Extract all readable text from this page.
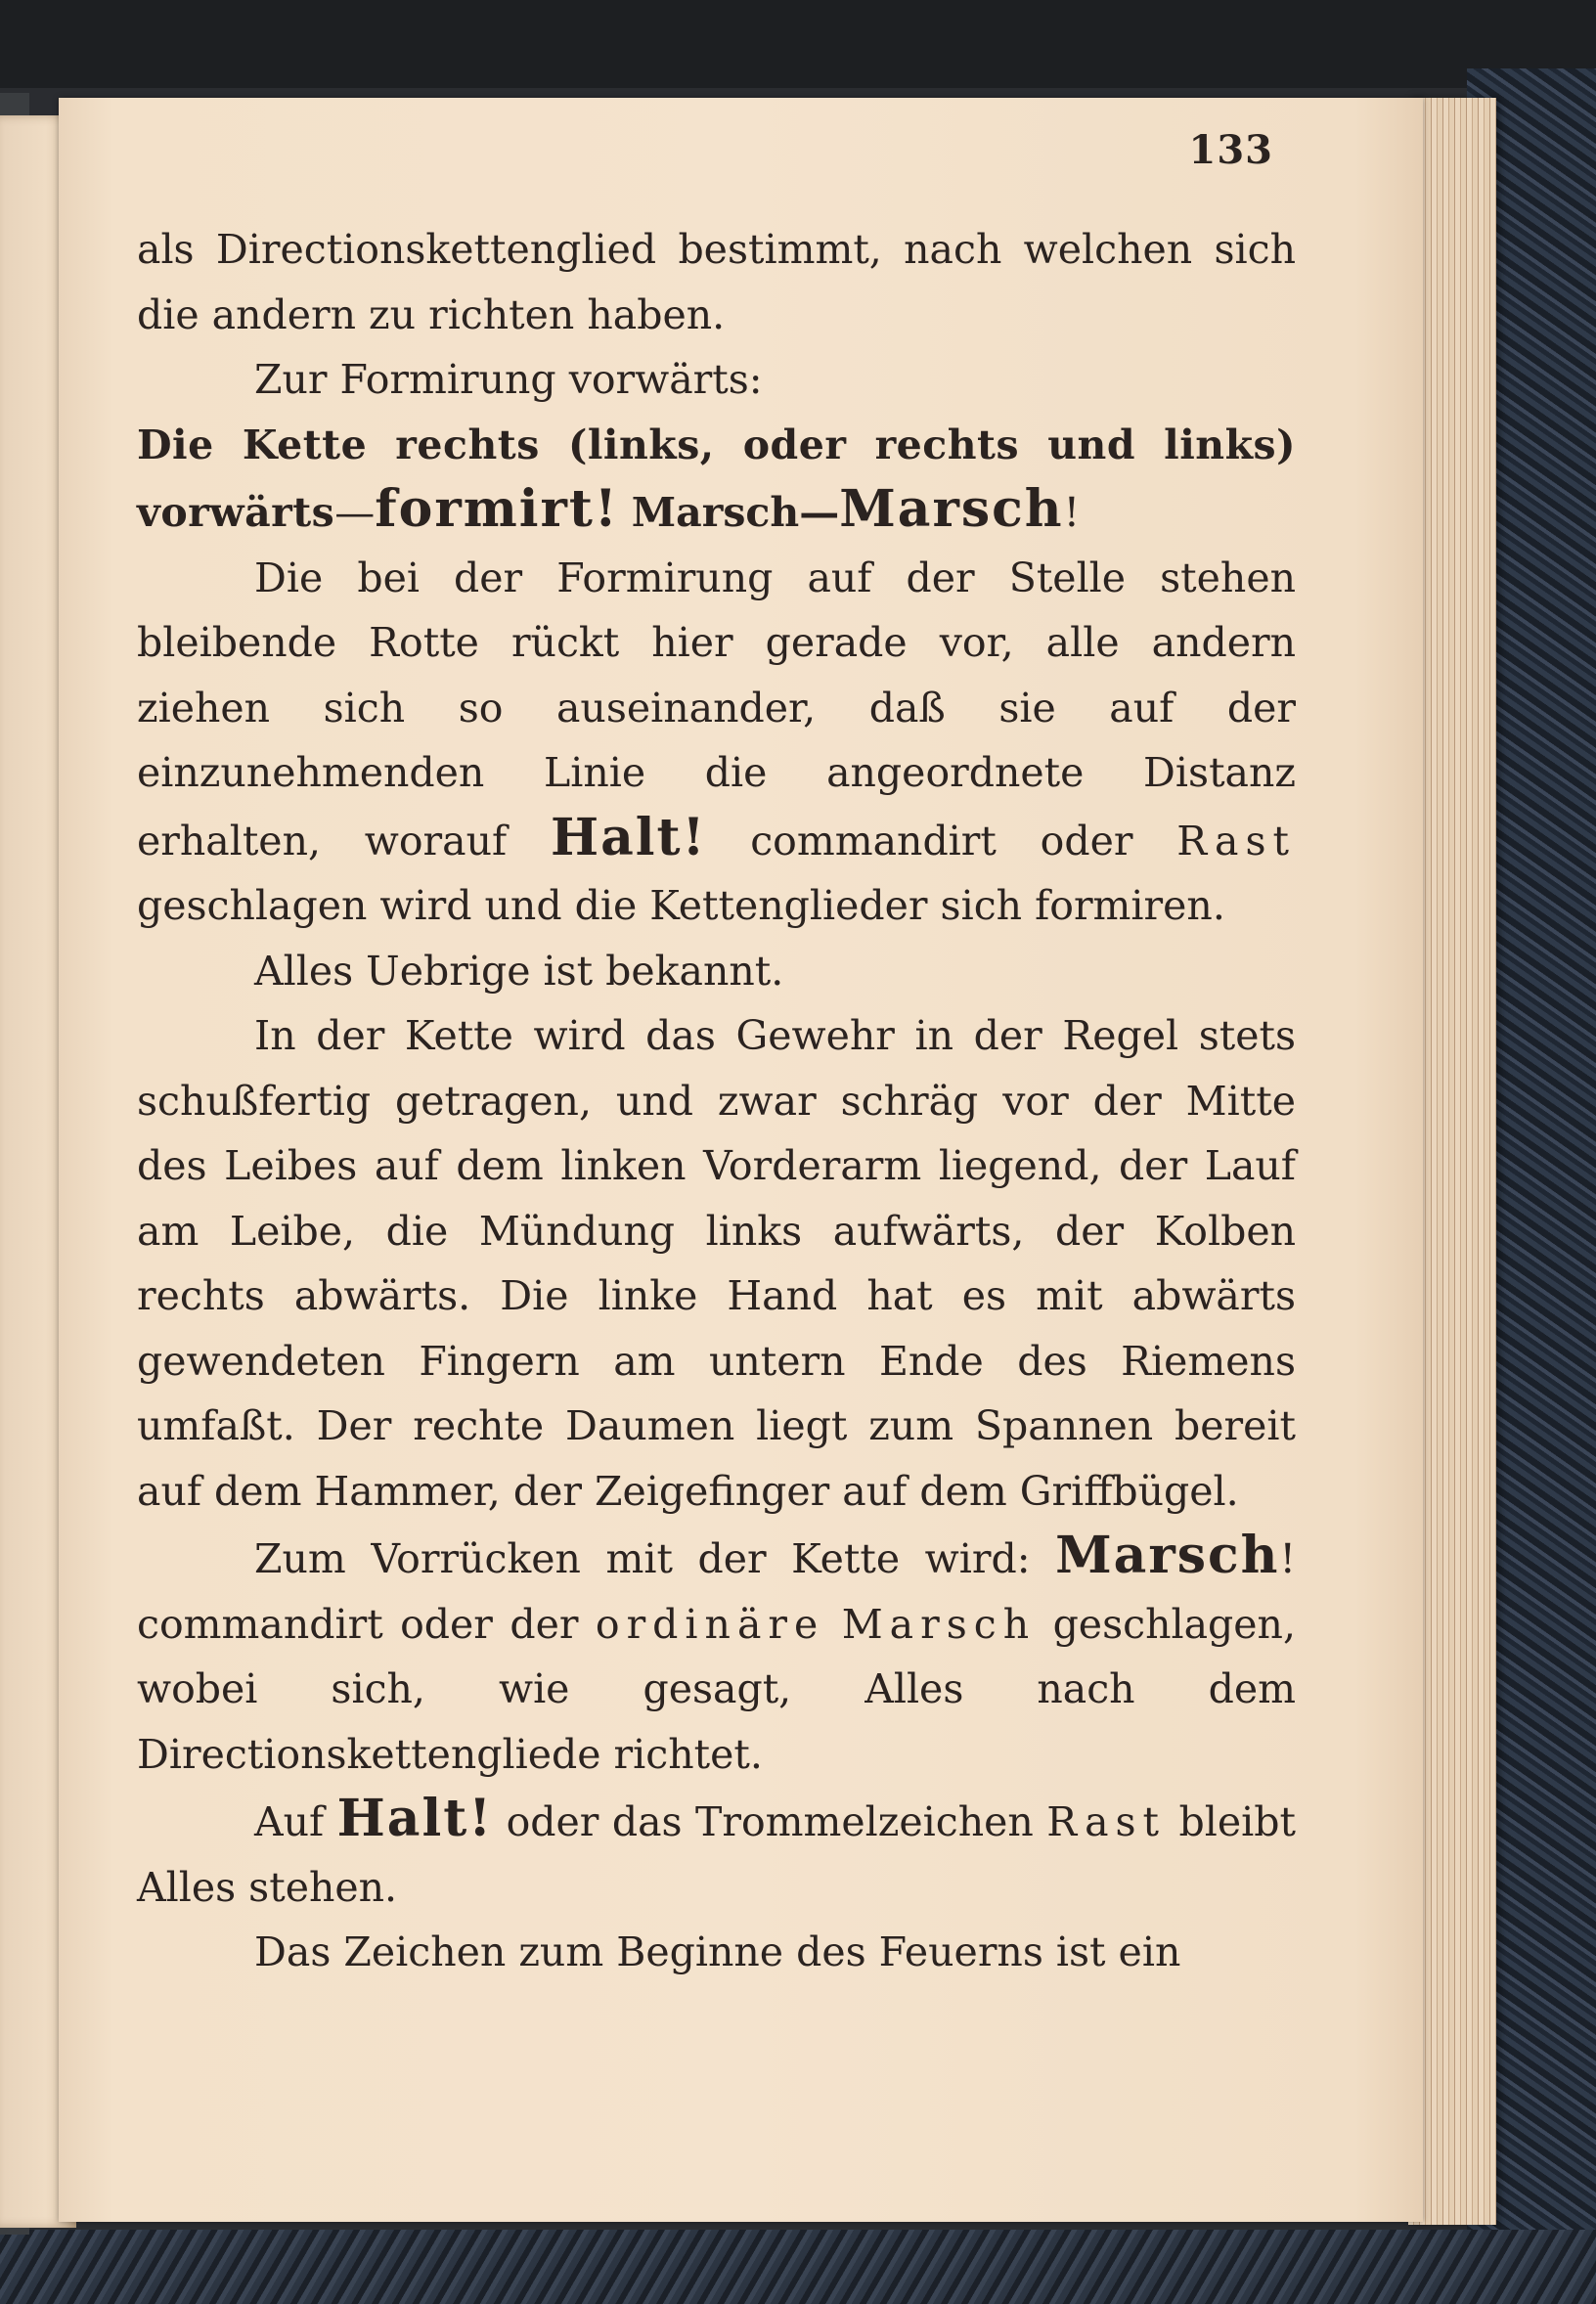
133

als Directionskettenglied bestimmt, nach welchen sich die andern zu richten haben.

Zur Formirung vorwärts:

Die Kette rechts (links, oder rechts und links) vorwärts—formirt! Marsch—Marsch!

Die bei der Formirung auf der Stelle stehen bleibende Rotte rückt hier gerade vor, alle andern ziehen sich so auseinander, daß sie auf der einzunehmenden Linie die angeordnete Distanz erhalten, worauf Halt! commandirt oder Rast geschlagen wird und die Kettenglieder sich formiren.

Alles Uebrige ist bekannt.

In der Kette wird das Gewehr in der Regel stets schußfertig getragen, und zwar schräg vor der Mitte des Leibes auf dem linken Vorderarm liegend, der Lauf am Leibe, die Mündung links aufwärts, der Kolben rechts abwärts. Die linke Hand hat es mit abwärts gewendeten Fingern am untern Ende des Riemens umfaßt. Der rechte Daumen liegt zum Spannen bereit auf dem Hammer, der Zeigefinger auf dem Griffbügel.

Zum Vorrücken mit der Kette wird: Marsch! commandirt oder der ordinäre Marsch geschlagen, wobei sich, wie gesagt, Alles nach dem Directionskettengliede richtet.

Auf Halt! oder das Trommelzeichen Rast bleibt Alles stehen.

Das Zeichen zum Beginne des Feuerns ist ein
